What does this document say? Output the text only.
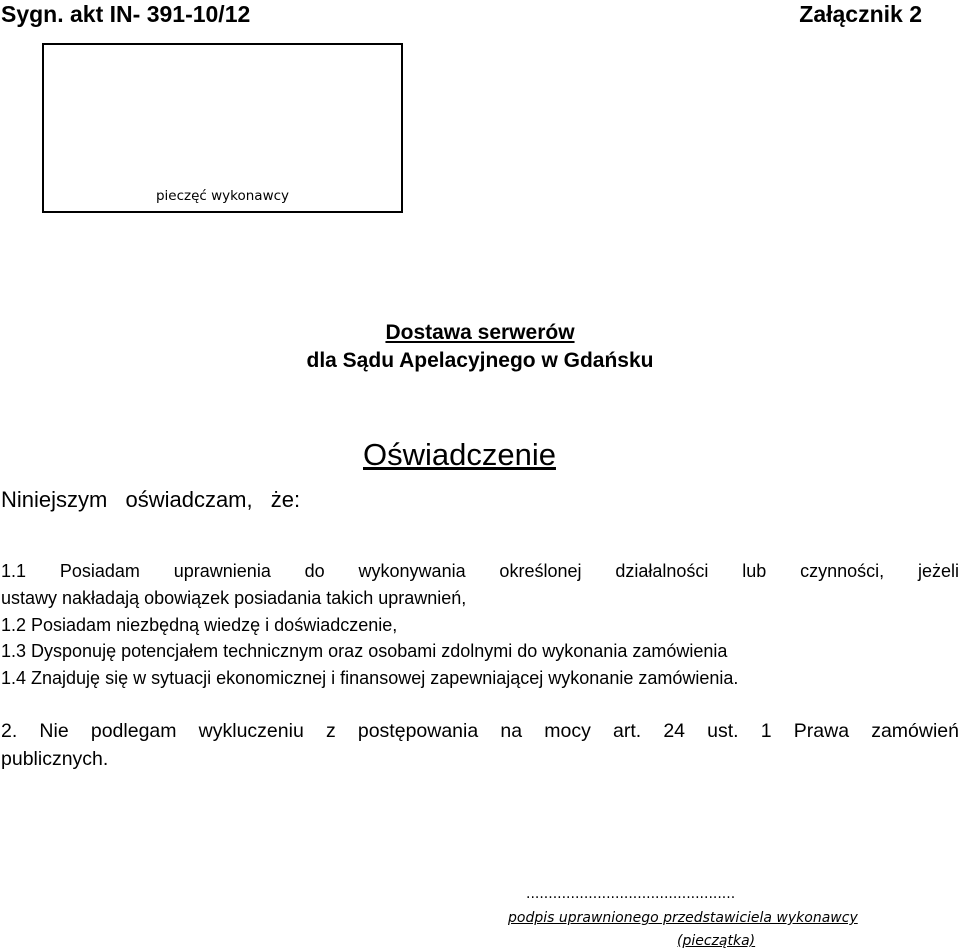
Sygn. akt IN- 391-10/12	Załącznik 2
pieczęć wykonawcy
Dostawa serwerów
dla Sądu Apelacyjnego w Gdańsku
Oświadczenie
Niniejszym oświadczam, że:
1.1 Posiadam uprawnienia do wykonywania określonej działalności lub czynności, jeżeli
ustawy nakładają obowiązek posiadania takich uprawnień,
1.2 Posiadam niezbędną wiedzę i doświadczenie,
1.3 Dysponuję potencjałem technicznym oraz osobami zdolnymi do wykonania zamówienia
1.4 Znajduję się w sytuacji ekonomicznej i finansowej zapewniającej wykonanie zamówienia.
2. Nie podlegam wykluczeniu z postępowania na mocy art. 24 ust. 1 Prawa zamówień
publicznych.
...............................................
podpis uprawnionego przedstawiciela wykonawcy
(pieczątka)
